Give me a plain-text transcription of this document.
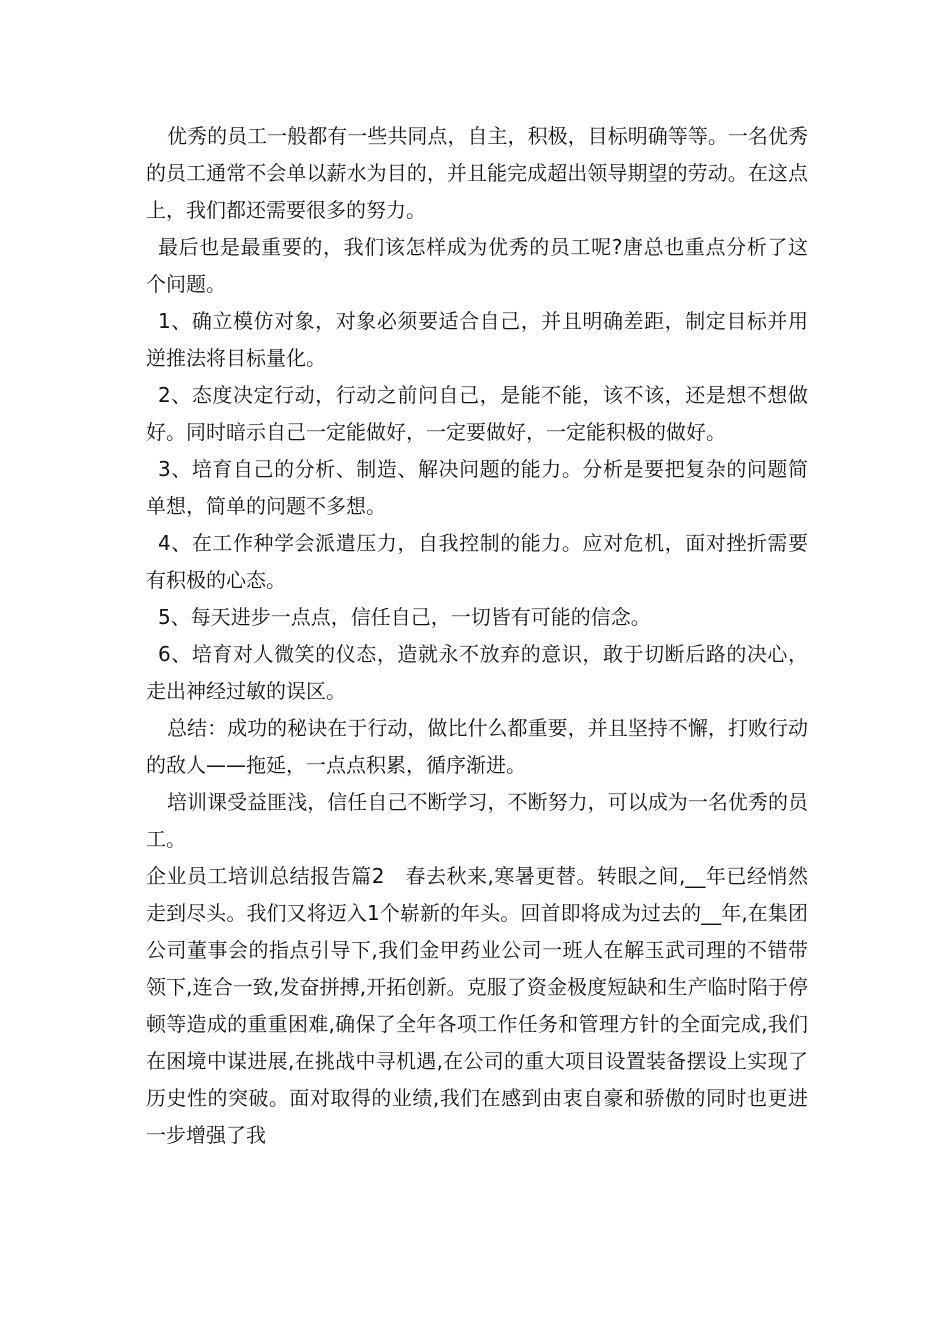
优秀的员工一般都有一些共同点，自主，积极，目标明确等等。一名优秀的员工通常不会单以薪水为目的，并且能完成超出领导期望的劳动。在这点上，我们都还需要很多的努力。

最后也是最重要的，我们该怎样成为优秀的员工呢?唐总也重点分析了这个问题。

1、确立模仿对象，对象必须要适合自己，并且明确差距，制定目标并用逆推法将目标量化。

2、态度决定行动，行动之前问自己，是能不能，该不该，还是想不想做好。同时暗示自己一定能做好，一定要做好，一定能积极的做好。

3、培育自己的分析、制造、解决问题的能力。分析是要把复杂的问题简单想，简单的问题不多想。

4、在工作种学会派遣压力，自我控制的能力。应对危机，面对挫折需要有积极的心态。

5、每天进步一点点，信任自己，一切皆有可能的信念。

6、培育对人微笑的仪态，造就永不放弃的意识，敢于切断后路的决心，走出神经过敏的误区。

总结：成功的秘诀在于行动，做比什么都重要，并且坚持不懈，打败行动的敌人——拖延，一点点积累，循序渐进。

培训课受益匪浅，信任自己不断学习，不断努力，可以成为一名优秀的员工。

企业员工培训总结报告篇2　春去秋来,寒暑更替。转眼之间,__年已经悄然走到尽头。我们又将迈入1个崭新的年头。回首即将成为过去的__年,在集团公司董事会的指点引导下,我们金甲药业公司一班人在解玉武司理的不错带领下,连合一致,发奋拼搏,开拓创新。克服了资金极度短缺和生产临时陷于停顿等造成的重重困难,确保了全年各项工作任务和管理方针的全面完成,我们在困境中谋进展,在挑战中寻机遇,在公司的重大项目设置装备摆设上实现了历史性的突破。面对取得的业绩,我们在感到由衷自豪和骄傲的同时也更进一步增强了我
